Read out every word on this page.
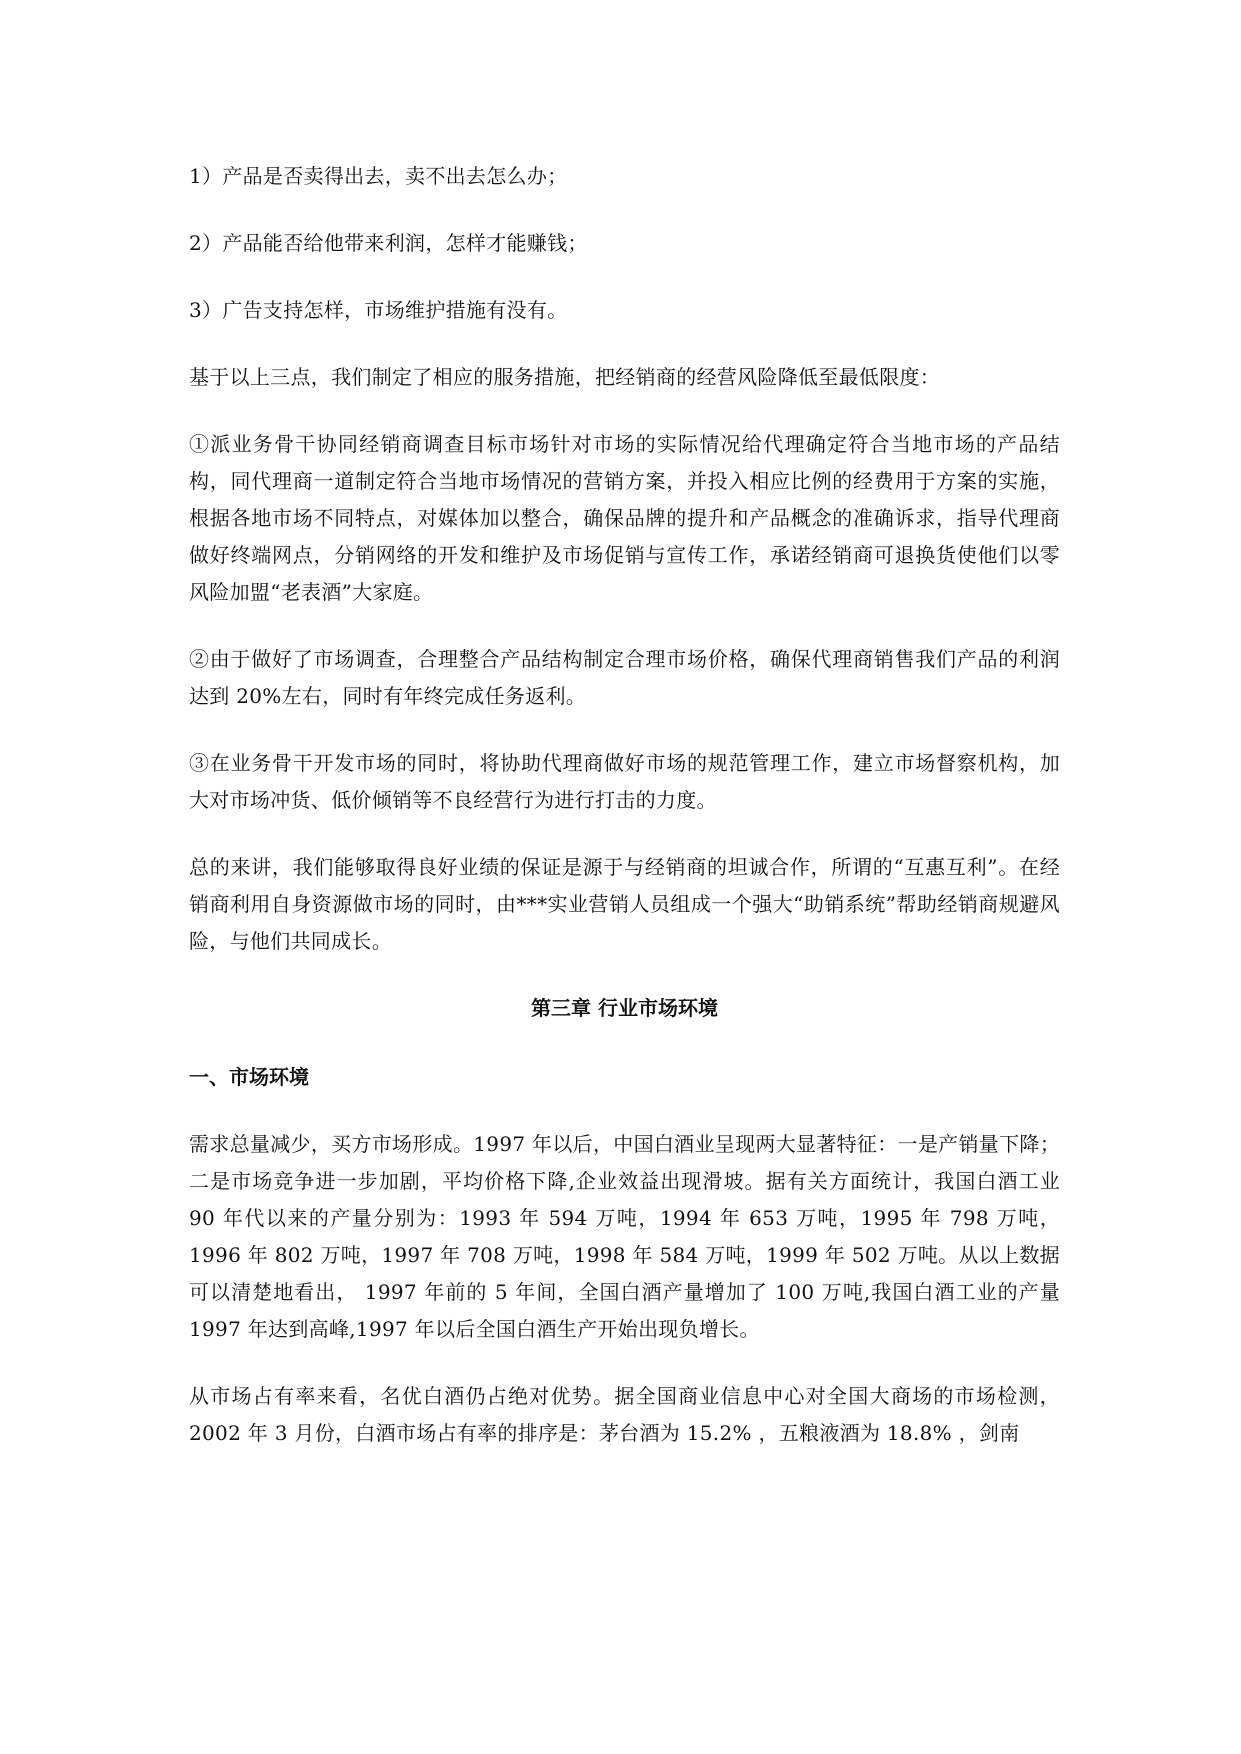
1）产品是否卖得出去，卖不出去怎么办；

2）产品能否给他带来利润，怎样才能赚钱；

3）广告支持怎样，市场维护措施有没有。

基于以上三点，我们制定了相应的服务措施，把经销商的经营风险降低至最低限度：

①派业务骨干协同经销商调查目标市场针对市场的实际情况给代理确定符合当地市场的产品结构，同代理商一道制定符合当地市场情况的营销方案，并投入相应比例的经费用于方案的实施，根据各地市场不同特点，对媒体加以整合，确保品牌的提升和产品概念的准确诉求，指导代理商做好终端网点，分销网络的开发和维护及市场促销与宣传工作，承诺经销商可退换货使他们以零风险加盟“老表酒”大家庭。

②由于做好了市场调查，合理整合产品结构制定合理市场价格，确保代理商销售我们产品的利润达到 20%左右，同时有年终完成任务返利。

③在业务骨干开发市场的同时，将协助代理商做好市场的规范管理工作，建立市场督察机构，加大对市场冲货、低价倾销等不良经营行为进行打击的力度。

总的来讲，我们能够取得良好业绩的保证是源于与经销商的坦诚合作，所谓的“互惠互利”。在经销商利用自身资源做市场的同时，由***实业营销人员组成一个强大“助销系统”帮助经销商规避风险，与他们共同成长。

第三章 行业市场环境
一、市场环境

需求总量减少，买方市场形成。1997 年以后，中国白酒业呈现两大显著特征：一是产销量下降；二是市场竞争进一步加剧，平均价格下降,企业效益出现滑坡。据有关方面统计，我国白酒工业 90 年代以来的产量分别为：1993 年 594 万吨，1994 年 653 万吨，1995 年 798 万吨，1996 年 802 万吨，1997 年 708 万吨，1998 年 584 万吨，1999 年 502 万吨。从以上数据可以清楚地看出， 1997 年前的 5 年间，全国白酒产量增加了 100 万吨,我国白酒工业的产量 1997 年达到高峰,1997 年以后全国白酒生产开始出现负增长。

从市场占有率来看，名优白酒仍占绝对优势。据全国商业信息中心对全国大商场的市场检测，2002 年 3 月份，白酒市场占有率的排序是：茅台酒为 15.2% ，五粮液酒为 18.8% ，剑南
